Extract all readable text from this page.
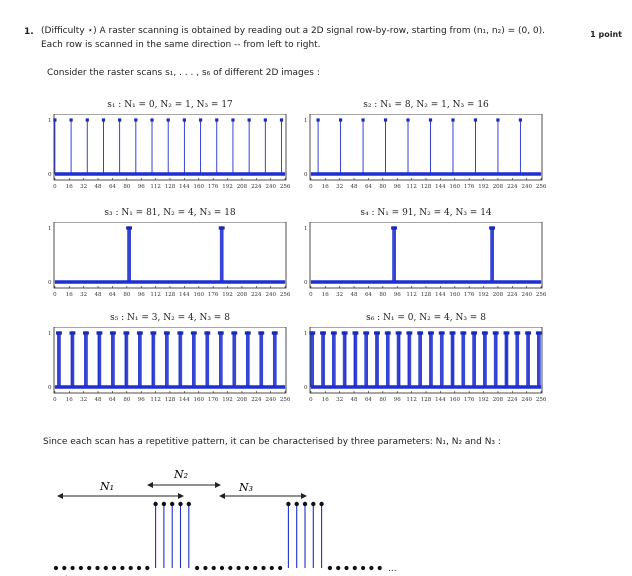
1. (Difficulty ⋆) A raster scanning is obtained by reading out a 2D signal row-by-row, starting from (n₁, n₂) = (0, 0).
Each row is scanned in the same direction -- from left to right.
1 point
Consider the raster scans s₁, . . . , s₆ of different 2D images :
s₁ : N₁ = 0, N₂ = 1, N₃ = 17
0
1
0 16 32 48 64 80 96 112 128 144 160 176 192 208 224 240 256
s₂ : N₁ = 8, N₂ = 1, N₃ = 16
0
1
0 16 32 48 64 80 96 112 128 144 160 176 192 208 224 240 256
s₃ : N₁ = 81, N₂ = 4, N₃ = 18
0
1
0 16 32 48 64 80 96 112 128 144 160 176 192 208 224 240 256
s₄ : N₁ = 91, N₂ = 4, N₃ = 14
0
1
0 16 32 48 64 80 96 112 128 144 160 176 192 208 224 240 256
s₅ : N₁ = 3, N₂ = 4, N₃ = 8
0
1
0 16 32 48 64 80 96 112 128 144 160 176 192 208 224 240 256
s₆ : N₁ = 0, N₂ = 4, N₃ = 8
0
1
0 16 32 48 64 80 96 112 128 144 160 176 192 208 224 240 256
Since each scan has a repetitive pattern, it can be characterised by three parameters: N₁, N₂ and N₃ :
N₁
N₂
N₃
...
